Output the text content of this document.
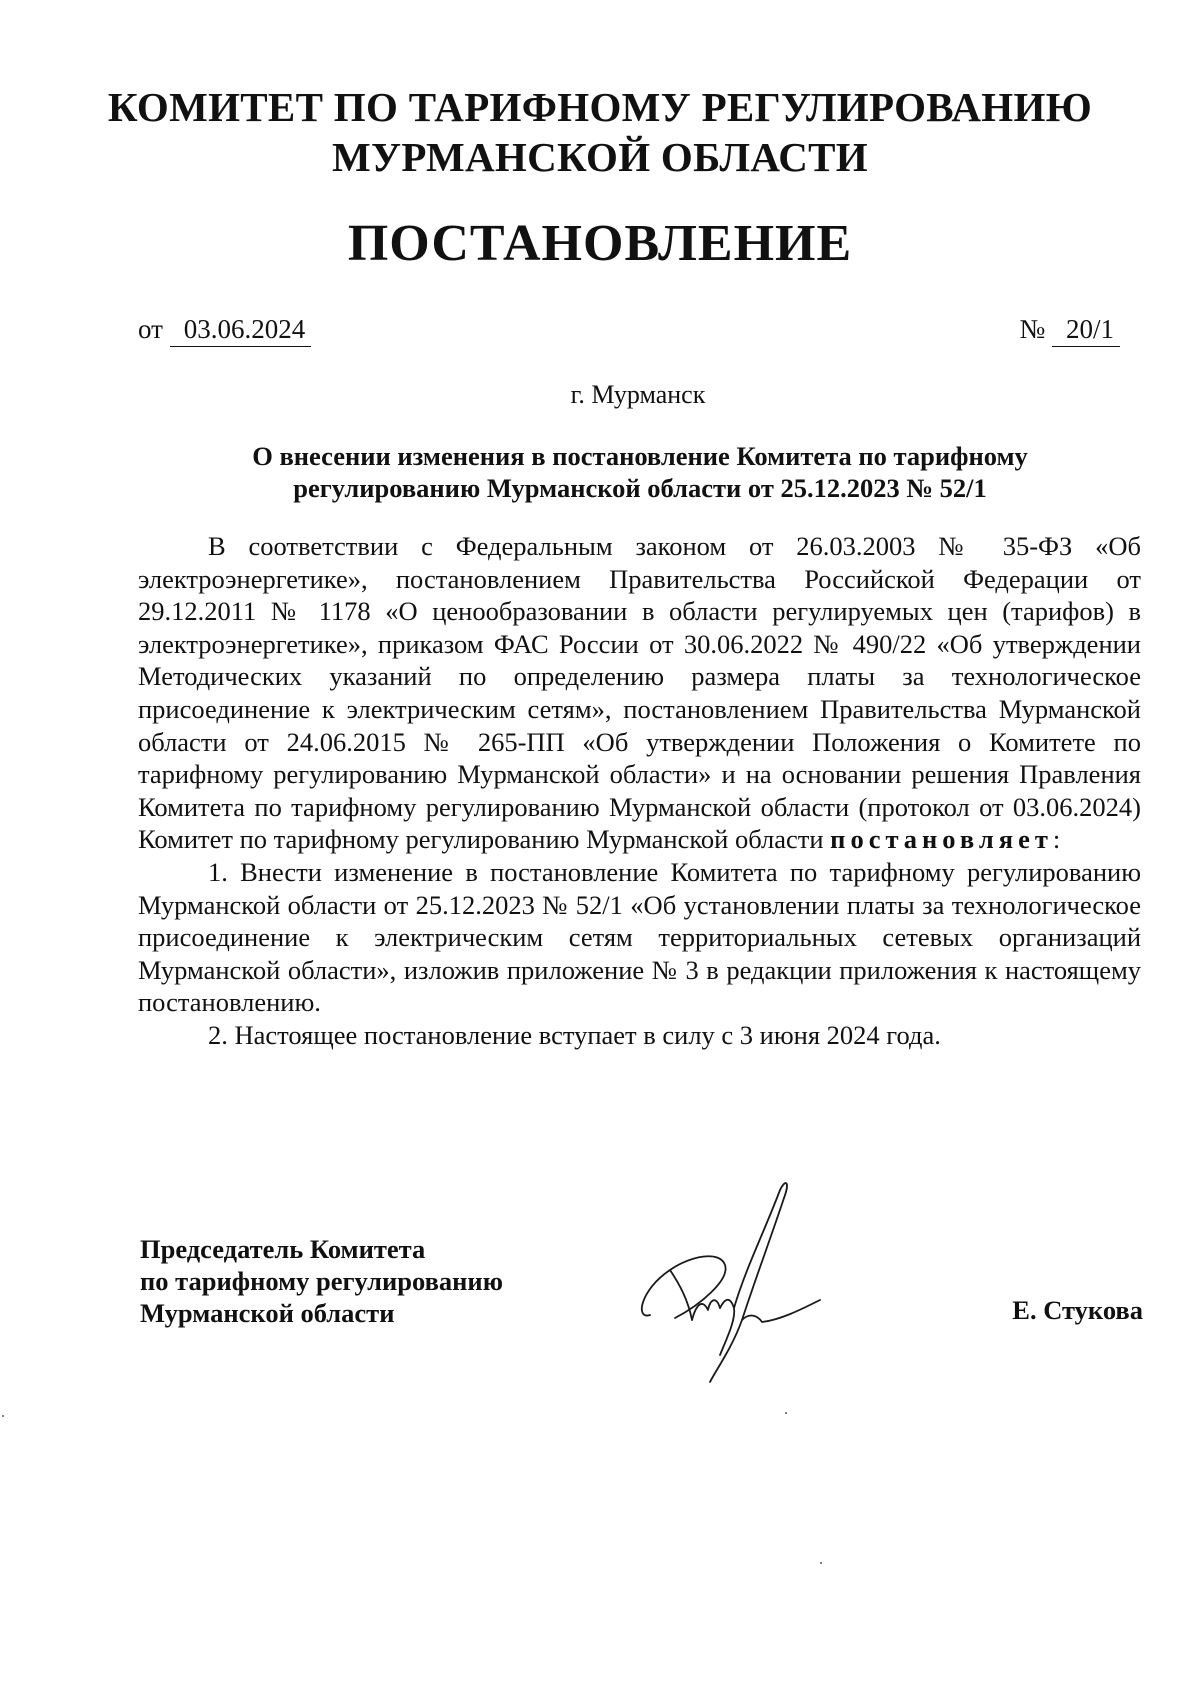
КОМИТЕТ ПО ТАРИФНОМУ РЕГУЛИРОВАНИЮ
МУРМАНСКОЙ ОБЛАСТИ
ПОСТАНОВЛЕНИЕ
от 03.06.2024	№ 20/1
г. Мурманск
О внесении изменения в постановление Комитета по тарифному
регулированию Мурманской области от 25.12.2023 № 52/1

В соответствии с Федеральным законом от 26.03.2003 № 35-ФЗ «Об электроэнергетике», постановлением Правительства Российской Федерации от 29.12.2011 № 1178 «О ценообразовании в области регулируемых цен (тарифов) в электроэнергетике», приказом ФАС России от 30.06.2022 № 490/22 «Об утверждении Методических указаний по определению размера платы за технологическое присоединение к электрическим сетям», постановлением Правительства Мурманской области от 24.06.2015 № 265-ПП «Об утверждении Положения о Комитете по тарифному регулированию Мурманской области» и на основании решения Правления Комитета по тарифному регулированию Мурманской области (протокол от 03.06.2024) Комитет по тарифному регулированию Мурманской области постановляет:

1. Внести изменение в постановление Комитета по тарифному регулированию Мурманской области от 25.12.2023 № 52/1 «Об установлении платы за технологическое присоединение к электрическим сетям территориальных сетевых организаций Мурманской области», изложив приложение № 3 в редакции приложения к настоящему постановлению.

2. Настоящее постановление вступает в силу с 3 июня 2024 года.

Председатель Комитета
по тарифному регулированию
Мурманской области	Е. Стукова
